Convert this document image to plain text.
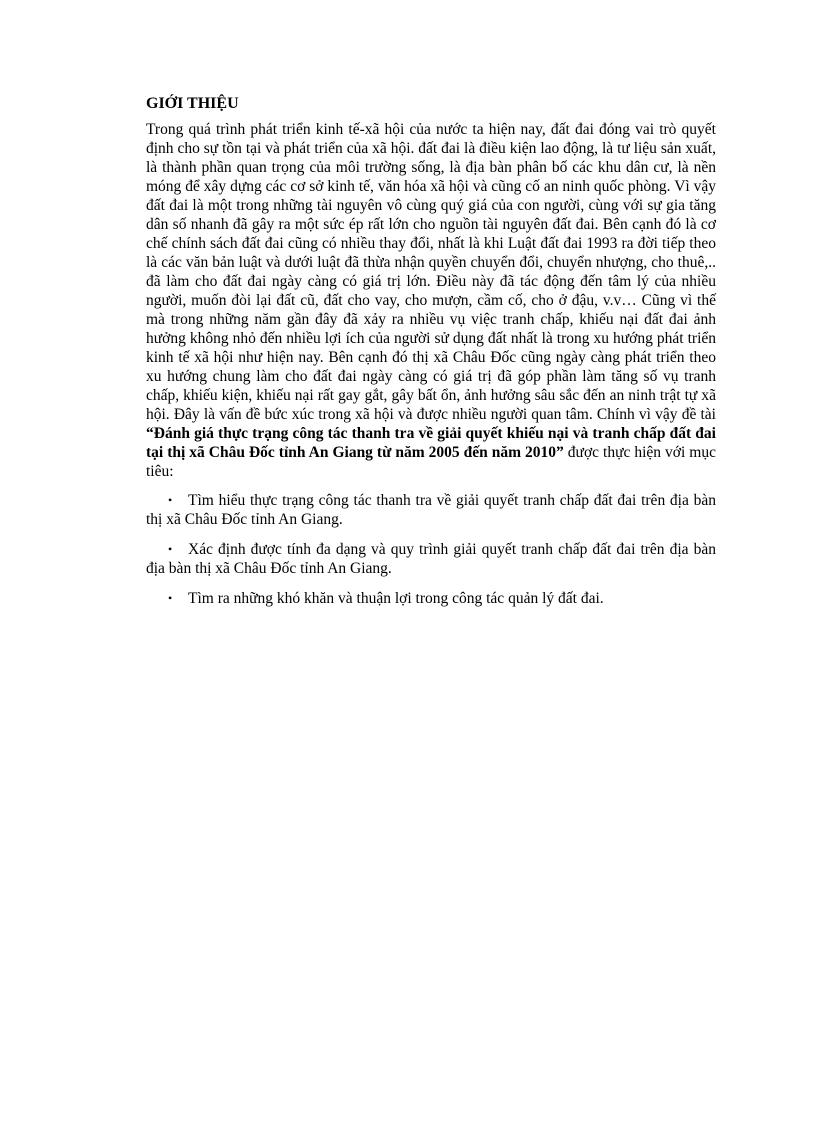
GIỚI THIỆU

Trong quá trình phát triển kinh tế-xã hội của nước ta hiện nay, đất đai đóng vai trò quyết định cho sự tồn tại và phát triển của xã hội. đất đai là điều kiện lao động, là tư liệu sản xuất, là thành phần quan trọng của môi trường sống, là địa bàn phân bố các khu dân cư, là nền móng để xây dựng các cơ sở kinh tế, văn hóa xã hội và cũng cố an ninh quốc phòng. Vì vậy đất đai là một trong những tài nguyên vô cùng quý giá của con người, cùng với sự gia tăng dân số nhanh đã gây ra một sức ép rất lớn cho nguồn tài nguyên đất đai. Bên cạnh đó là cơ chế chính sách đất đai cũng có nhiều thay đổi, nhất là khi Luật đất đai 1993 ra đời tiếp theo là các văn bản luật và dưới luật đã thừa nhận quyền chuyển đổi, chuyển nhượng, cho thuê,.. đã làm cho đất đai ngày càng có giá trị lớn. Điều này đã tác động đến tâm lý của nhiều người, muốn đòi lại đất cũ, đất cho vay, cho mượn, cầm cố, cho ở đậu, v.v… Cũng vì thế mà trong những năm gần đây đã xảy ra nhiều vụ việc tranh chấp, khiếu nại đất đai ảnh hưởng không nhỏ đến nhiều lợi ích của người sử dụng đất nhất là trong xu hướng phát triển kinh tế xã hội như hiện nay. Bên cạnh đó thị xã Châu Đốc cũng ngày càng phát triển theo xu hướng chung làm cho đất đai ngày càng có giá trị đã góp phần làm tăng số vụ tranh chấp, khiếu kiện, khiếu nại rất gay gắt, gây bất ổn, ảnh hưởng sâu sắc đến an ninh trật tự xã hội. Đây là vấn đề bức xúc trong xã hội và được nhiều người quan tâm. Chính vì vậy đề tài “Đánh giá thực trạng công tác thanh tra về giải quyết khiếu nại và tranh chấp đất đai tại thị xã Châu Đốc tỉnh An Giang từ năm 2005 đến năm 2010” được thực hiện với mục tiêu:

• Tìm hiểu thực trạng công tác thanh tra về giải quyết tranh chấp đất đai trên địa bàn thị xã Châu Đốc tỉnh An Giang.
• Xác định được tính đa dạng và quy trình giải quyết tranh chấp đất đai trên địa bàn địa bàn thị xã Châu Đốc tỉnh An Giang.
• Tìm ra những khó khăn và thuận lợi trong công tác quản lý đất đai.
